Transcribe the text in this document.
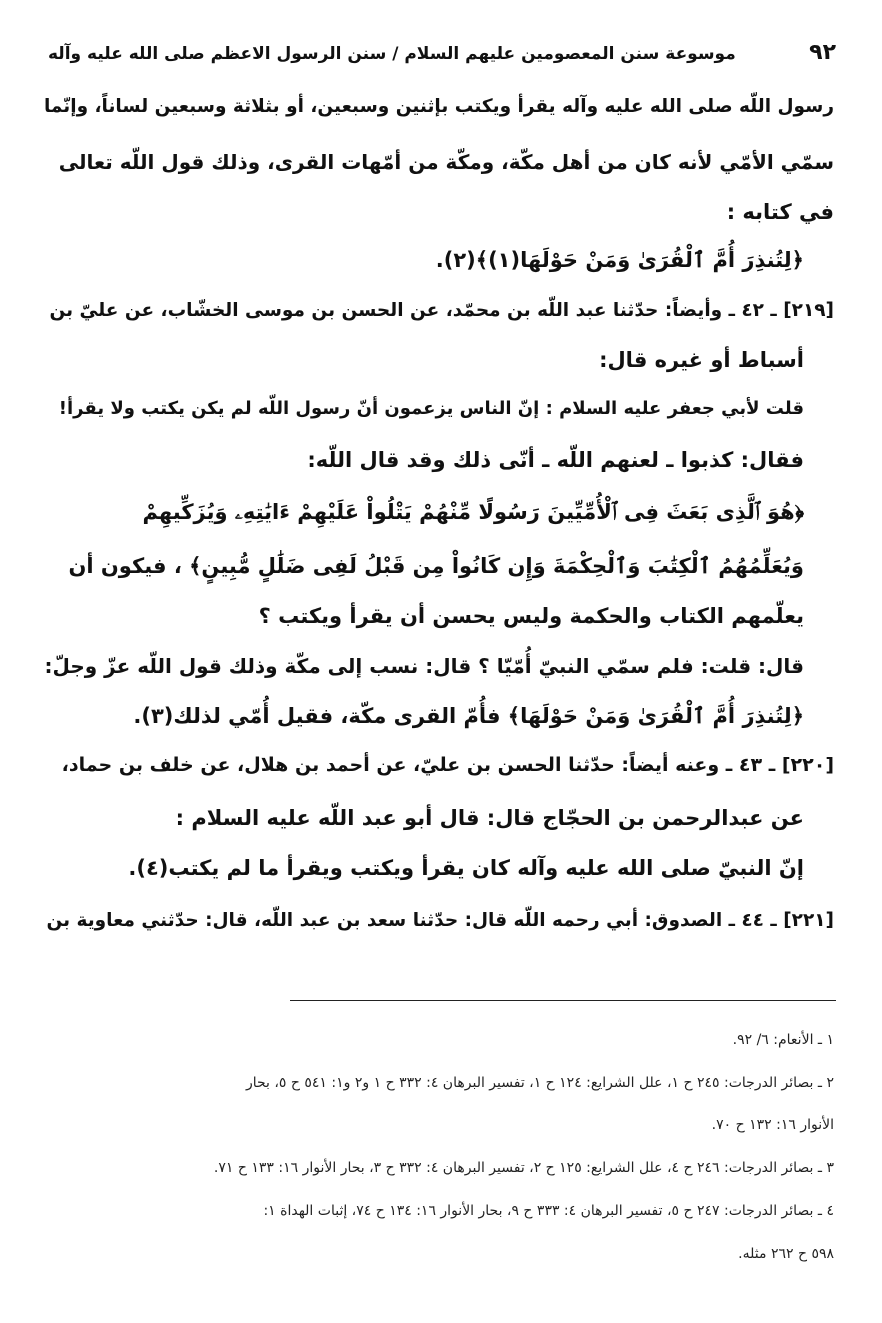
٩٢
موسوعة سنن المعصومين عليهم السلام / سنن الرسول الاعظم صلى الله عليه وآله
رسول اللّه صلى الله عليه وآله يقرأ ويكتب بإثنين وسبعين، أو بثلاثة وسبعين لساناً، وإنّما
سمّي الأمّي لأنه كان من أهل مكّة، ومكّة من أمّهات القرى، وذلك قول اللّه تعالى
في كتابه :
﴿لِتُنذِرَ أُمَّ ٱلْقُرَىٰ وَمَنْ حَوْلَهَا(١)﴾(٢).
[٢١٩] ـ ٤٢ ـ وأيضاً: حدّثنا عبد اللّه بن محمّد، عن الحسن بن موسى الخشّاب، عن عليّ بن
أسباط أو غيره قال:
قلت لأبي جعفر عليه السلام : إنّ الناس يزعمون أنّ رسول اللّه لم يكن يكتب ولا يقرأ!
فقال: كذبوا ـ لعنهم اللّه ـ أنّى ذلك وقد قال اللّه:
﴿هُوَ ٱلَّذِى بَعَثَ فِى ٱلْأُمِّيِّينَ رَسُولًا مِّنْهُمْ يَتْلُواْ عَلَيْهِمْ ءَايَٰتِهِۦ وَيُزَكِّيهِمْ
وَيُعَلِّمُهُمُ ٱلْكِتَٰبَ وَٱلْحِكْمَةَ وَإِن كَانُواْ مِن قَبْلُ لَفِى ضَلَٰلٍ مُّبِينٍ﴾ ، فيكون أن
يعلّمهم الكتاب والحكمة وليس يحسن أن يقرأ ويكتب ؟
قال: قلت: فلم سمّي النبيّ أُمّيّا ؟ قال: نسب إلى مكّة وذلك قول اللّه عزّ وجلّ:
﴿لِتُنذِرَ أُمَّ ٱلْقُرَىٰ وَمَنْ حَوْلَهَا﴾ فأُمّ القرى مكّة، فقيل أُمّي لذلك(٣).
[٢٢٠] ـ ٤٣ ـ وعنه أيضاً: حدّثنا الحسن بن عليّ، عن أحمد بن هلال، عن خلف بن حماد،
عن عبدالرحمن بن الحجّاج قال: قال أبو عبد اللّه عليه السلام :
إنّ النبيّ صلى الله عليه وآله كان يقرأ ويكتب ويقرأ ما لم يكتب(٤).
[٢٢١] ـ ٤٤ ـ الصدوق: أبي رحمه اللّه قال: حدّثنا سعد بن عبد اللّه، قال: حدّثني معاوية بن
١ ـ الأنعام: ٦/ ٩٢.
٢ ـ بصائر الدرجات: ٢٤٥ ح ١، علل الشرايع: ١٢٤ ح ١، تفسير البرهان ٤: ٣٣٢ ح ١ و٢ و١: ٥٤١ ح ٥، بحار
الأنوار ١٦: ١٣٢ ح ٧٠.
٣ ـ بصائر الدرجات: ٢٤٦ ح ٤، علل الشرايع: ١٢٥ ح ٢، تفسير البرهان ٤: ٣٣٢ ح ٣، بحار الأنوار ١٦: ١٣٣ ح ٧١.
٤ ـ بصائر الدرجات: ٢٤٧ ح ٥، تفسير البرهان ٤: ٣٣٣ ح ٩، بحار الأنوار ١٦: ١٣٤ ح ٧٤، إثبات الهداة ١:
٥٩٨ ح ٢٦٢ مثله.
